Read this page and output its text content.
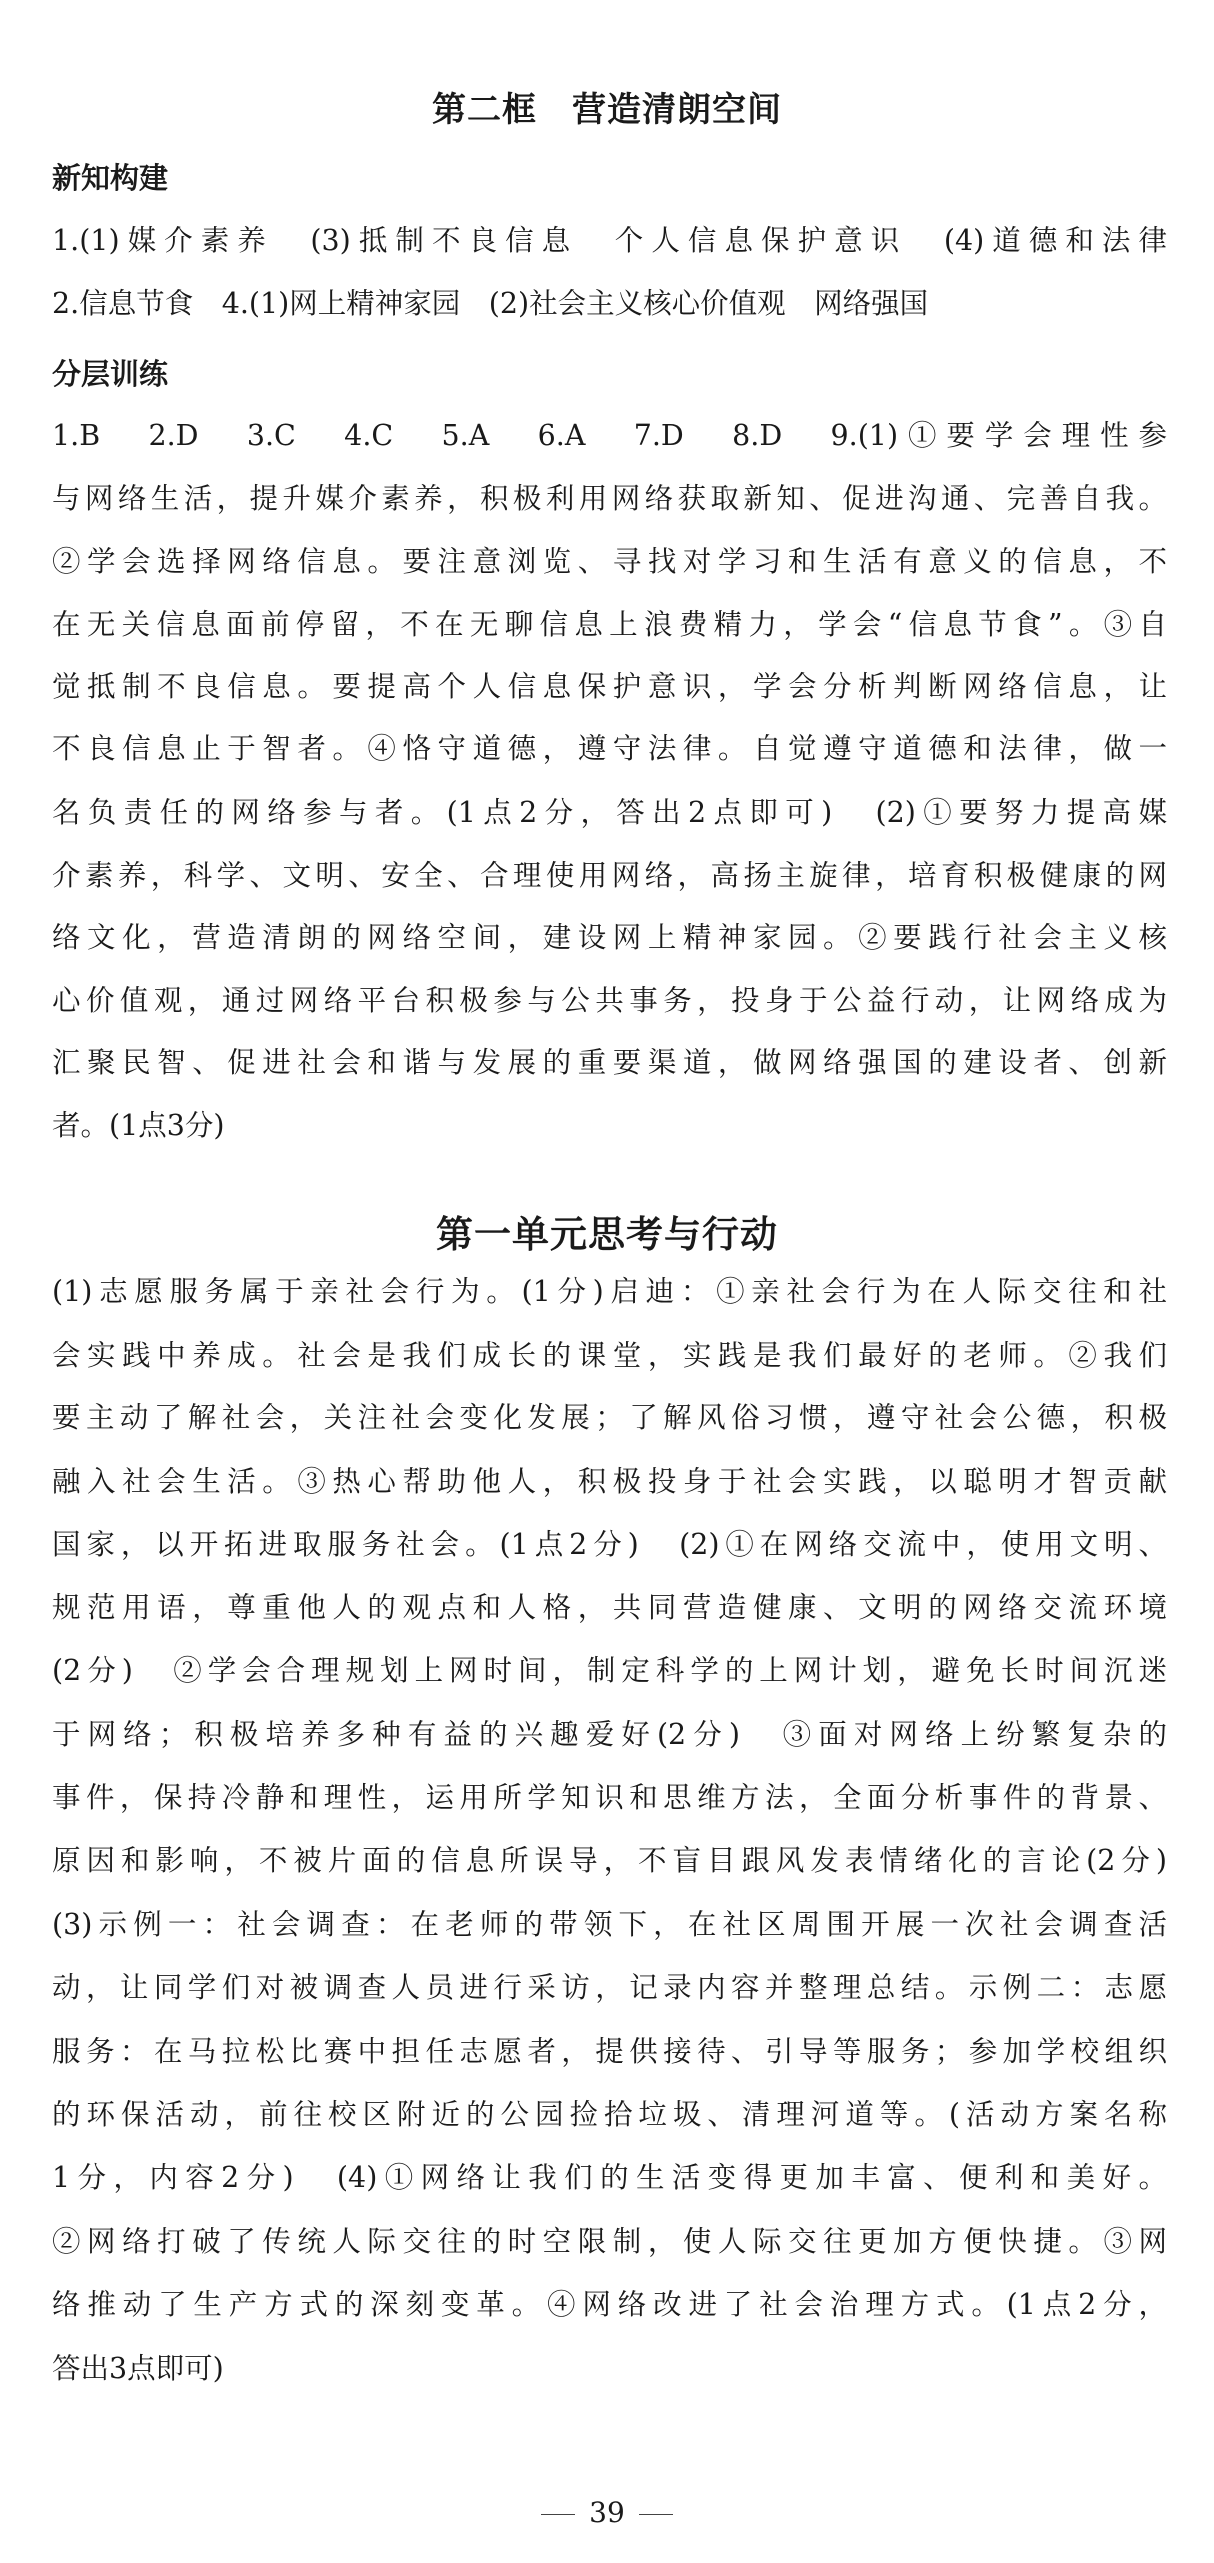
第二框　营造清朗空间
新知构建
1.(1)媒介素养　(3)抵制不良信息　个人信息保护意识　(4)道德和法律
2.信息节食　4.(1)网上精神家园　(2)社会主义核心价值观　网络强国
分层训练
1.B　2.D　3.C　4.C　5.A　6.A　7.D　8.D　9.(1)①要学会理性参
与网络生活，提升媒介素养，积极利用网络获取新知、促进沟通、完善自我。
②学会选择网络信息。要注意浏览、寻找对学习和生活有意义的信息，不
在无关信息面前停留，不在无聊信息上浪费精力，学会“信息节食”。③自
觉抵制不良信息。要提高个人信息保护意识，学会分析判断网络信息，让
不良信息止于智者。④恪守道德，遵守法律。自觉遵守道德和法律，做一
名负责任的网络参与者。(1点2分，答出2点即可)　(2)①要努力提高媒
介素养，科学、文明、安全、合理使用网络，高扬主旋律，培育积极健康的网
络文化，营造清朗的网络空间，建设网上精神家园。②要践行社会主义核
心价值观，通过网络平台积极参与公共事务，投身于公益行动，让网络成为
汇聚民智、促进社会和谐与发展的重要渠道，做网络强国的建设者、创新
者。(1点3分)
第一单元思考与行动
(1)志愿服务属于亲社会行为。(1分)启迪：①亲社会行为在人际交往和社
会实践中养成。社会是我们成长的课堂，实践是我们最好的老师。②我们
要主动了解社会，关注社会变化发展；了解风俗习惯，遵守社会公德，积极
融入社会生活。③热心帮助他人，积极投身于社会实践，以聪明才智贡献
国家，以开拓进取服务社会。(1点2分)　(2)①在网络交流中，使用文明、
规范用语，尊重他人的观点和人格，共同营造健康、文明的网络交流环境
(2分)　②学会合理规划上网时间，制定科学的上网计划，避免长时间沉迷
于网络；积极培养多种有益的兴趣爱好(2分)　③面对网络上纷繁复杂的
事件，保持冷静和理性，运用所学知识和思维方法，全面分析事件的背景、
原因和影响，不被片面的信息所误导，不盲目跟风发表情绪化的言论(2分)
(3)示例一：社会调查：在老师的带领下，在社区周围开展一次社会调查活
动，让同学们对被调查人员进行采访，记录内容并整理总结。示例二：志愿
服务：在马拉松比赛中担任志愿者，提供接待、引导等服务；参加学校组织
的环保活动，前往校区附近的公园捡拾垃圾、清理河道等。(活动方案名称
1分，内容2分)　(4)①网络让我们的生活变得更加丰富、便利和美好。
②网络打破了传统人际交往的时空限制，使人际交往更加方便快捷。③网
络推动了生产方式的深刻变革。④网络改进了社会治理方式。(1点2分，
答出3点即可)
39
